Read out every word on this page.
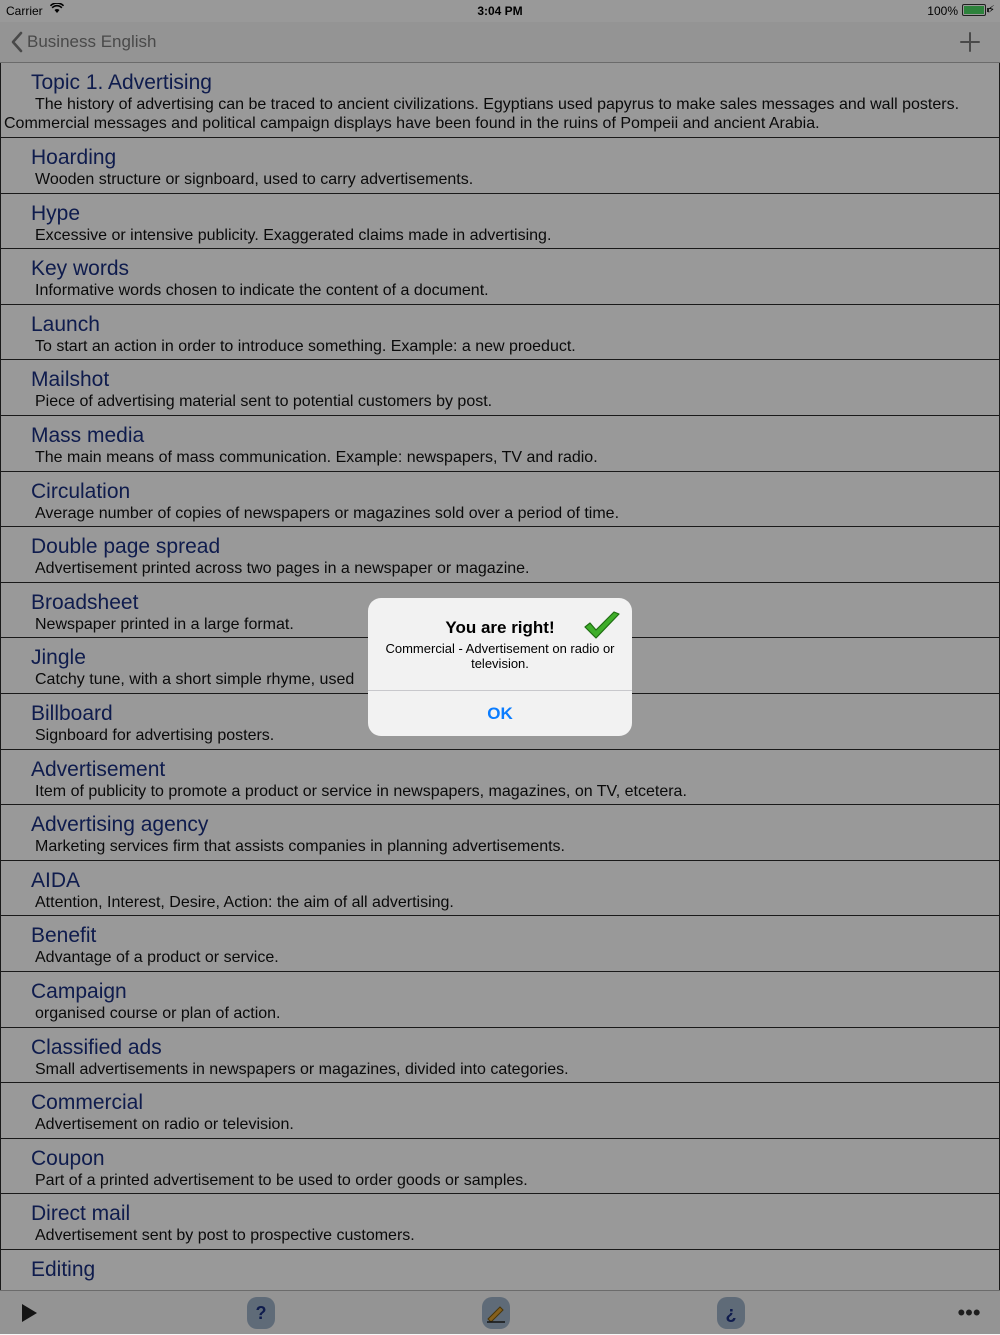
Carrier	3:04 PM	100%	⚡
Business English
Topic 1. Advertising
The history of advertising can be traced to ancient civilizations. Egyptians used papyrus to make sales messages and wall posters. Commercial messages and political campaign displays have been found in the ruins of Pompeii and ancient Arabia.
Hoarding
Wooden structure or signboard, used to carry advertisements.
Hype
Excessive or intensive publicity. Exaggerated claims made in advertising.
Key words
Informative words chosen to indicate the content of a document.
Launch
To start an action in order to introduce something. Example: a new proeduct.
Mailshot
Piece of advertising material sent to potential customers by post.
Mass media
The main means of mass communication. Example: newspapers, TV and radio.
Circulation
Average number of copies of newspapers or magazines sold over a period of time.
Double page spread
Advertisement printed across two pages in a newspaper or magazine.
Broadsheet
Newspaper printed in a large format.
Jingle
Catchy tune, with a short simple rhyme, used
Billboard
Signboard for advertising posters.
Advertisement
Item of publicity to promote a product or service in newspapers, magazines, on TV, etcetera.
Advertising agency
Marketing services firm that assists companies in planning advertisements.
AIDA
Attention, Interest, Desire, Action: the aim of all advertising.
Benefit
Advantage of a product or service.
Campaign
organised course or plan of action.
Classified ads
Small advertisements in newspapers or magazines, divided into categories.
Commercial
Advertisement on radio or television.
Coupon
Part of a printed advertisement to be used to order goods or samples.
Direct mail
Advertisement sent by post to prospective customers.
Editing
?	¿	•••
You are right!
Commercial - Advertisement on radio or television.
OK
